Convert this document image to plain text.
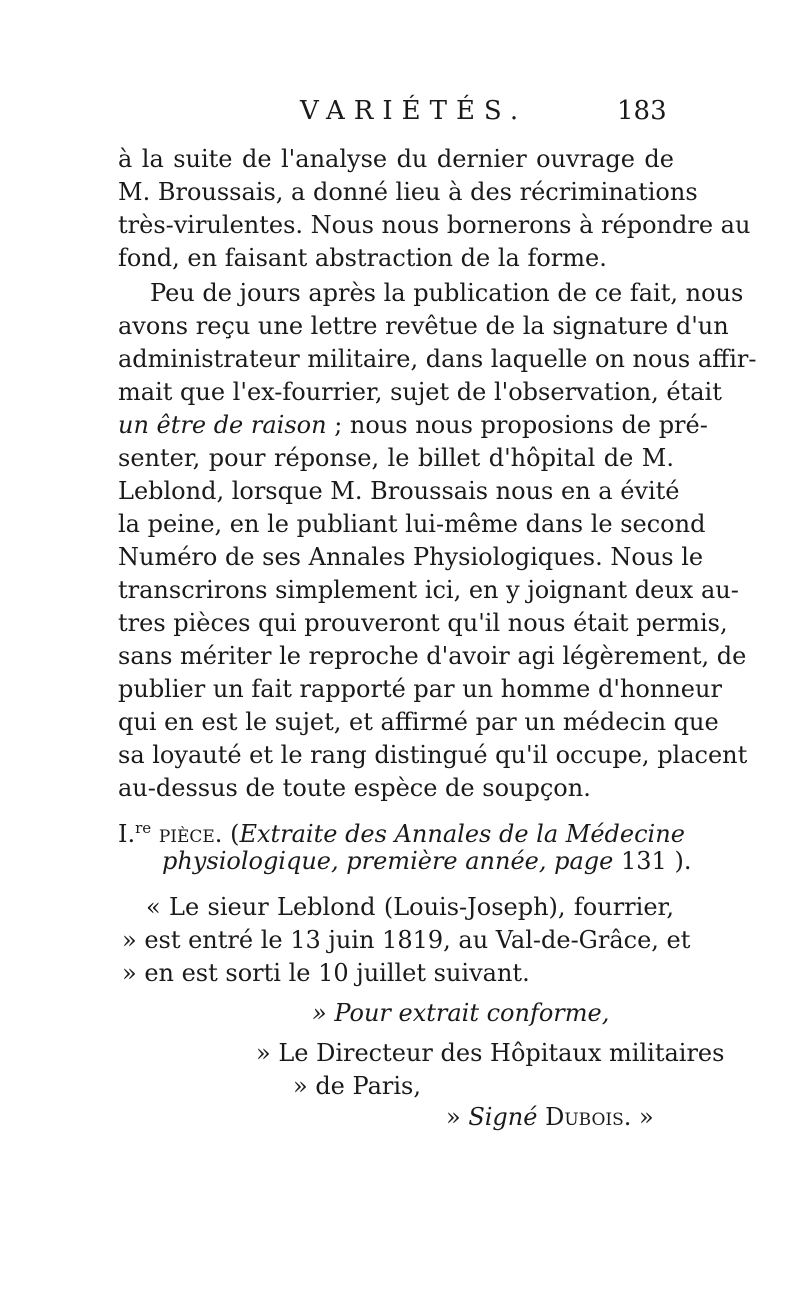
VARIÉTÉS.	183
à la suite de l'analyse du dernier ouvrage de
M. Broussais, a donné lieu à des récriminations
très-virulentes. Nous nous bornerons à répondre au
fond, en faisant abstraction de la forme.
Peu de jours après la publication de ce fait, nous
avons reçu une lettre revêtue de la signature d'un
administrateur militaire, dans laquelle on nous affir-
mait que l'ex-fourrier, sujet de l'observation, était
un être de raison ; nous nous proposions de pré-
senter, pour réponse, le billet d'hôpital de M.
Leblond, lorsque M. Broussais nous en a évité
la peine, en le publiant lui-même dans le second
Numéro de ses Annales Physiologiques. Nous le
transcrirons simplement ici, en y joignant deux au-
tres pièces qui prouveront qu'il nous était permis,
sans mériter le reproche d'avoir agi légèrement, de
publier un fait rapporté par un homme d'honneur
qui en est le sujet, et affirmé par un médecin que
sa loyauté et le rang distingué qu'il occupe, placent
au-dessus de toute espèce de soupçon.
I.$^{re}$ pièce. (Extraite des Annales de la Médecine
physiologique, première année, page 131 ).
« Le sieur Leblond (Louis-Joseph), fourrier,
» est entré le 13 juin 1819, au Val-de-Grâce, et
» en est sorti le 10 juillet suivant.
» Pour extrait conforme,
» Le Directeur des Hôpitaux militaires
» de Paris,
» Signé Dubois. »
